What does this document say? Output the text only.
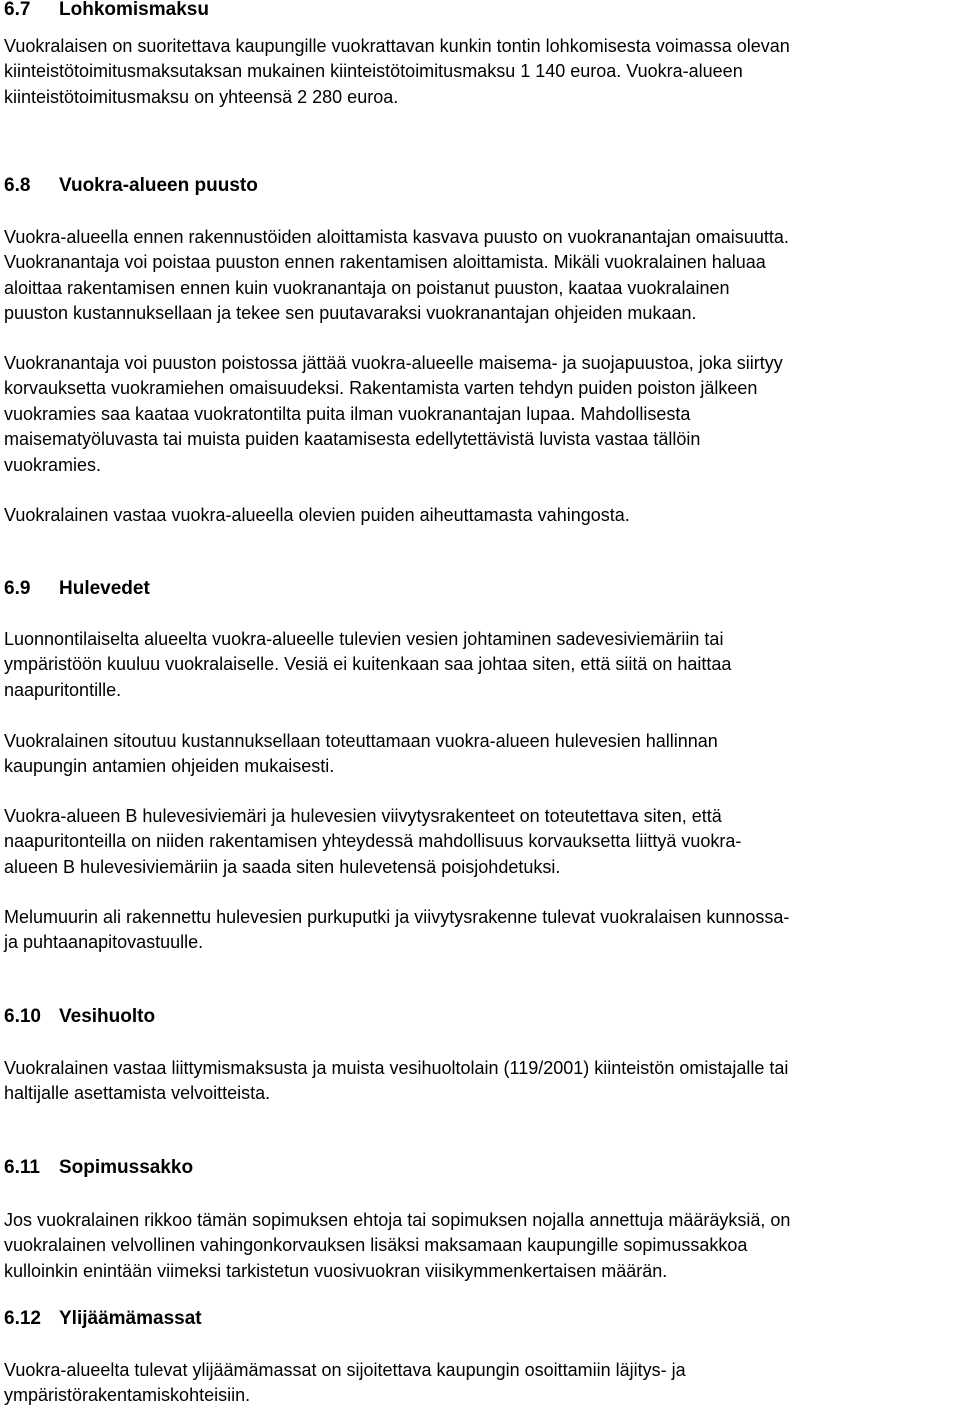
6.7 Lohkomismaksu
Vuokralaisen on suoritettava kaupungille vuokrattavan kunkin tontin lohkomisesta voimassa olevan
kiinteistötoimitusmaksutaksan mukainen kiinteistötoimitusmaksu 1 140 euroa. Vuokra-alueen
kiinteistötoimitusmaksu on yhteensä 2 280 euroa.
6.8 Vuokra-alueen puusto
Vuokra-alueella ennen rakennustöiden aloittamista kasvava puusto on vuokranantajan omaisuutta.
Vuokranantaja voi poistaa puuston ennen rakentamisen aloittamista. Mikäli vuokralainen haluaa
aloittaa rakentamisen ennen kuin vuokranantaja on poistanut puuston, kaataa vuokralainen
puuston kustannuksellaan ja tekee sen puutavaraksi vuokranantajan ohjeiden mukaan.
Vuokranantaja voi puuston poistossa jättää vuokra-alueelle maisema- ja suojapuustoa, joka siirtyy
korvauksetta vuokramiehen omaisuudeksi. Rakentamista varten tehdyn puiden poiston jälkeen
vuokramies saa kaataa vuokratontilta puita ilman vuokranantajan lupaa. Mahdollisesta
maisematyöluvasta tai muista puiden kaatamisesta edellytettävistä luvista vastaa tällöin
vuokramies.
Vuokralainen vastaa vuokra-alueella olevien puiden aiheuttamasta vahingosta.
6.9 Hulevedet
Luonnontilaiselta alueelta vuokra-alueelle tulevien vesien johtaminen sadevesiviemäriin tai
ympäristöön kuuluu vuokralaiselle. Vesiä ei kuitenkaan saa johtaa siten, että siitä on haittaa
naapuritontille.
Vuokralainen sitoutuu kustannuksellaan toteuttamaan vuokra-alueen hulevesien hallinnan
kaupungin antamien ohjeiden mukaisesti.
Vuokra-alueen B hulevesiviemäri ja hulevesien viivytysrakenteet on toteutettava siten, että
naapuritonteilla on niiden rakentamisen yhteydessä mahdollisuus korvauksetta liittyä vuokra-
alueen B hulevesiviemäriin ja saada siten hulevetensä poisjohdetuksi.
Melumuurin ali rakennettu hulevesien purkuputki ja viivytysrakenne tulevat vuokralaisen kunnossa-
ja puhtaanapitovastuulle.
6.10 Vesihuolto
Vuokralainen vastaa liittymismaksusta ja muista vesihuoltolain (119/2001) kiinteistön omistajalle tai
haltijalle asettamista velvoitteista.
6.11 Sopimussakko
Jos vuokralainen rikkoo tämän sopimuksen ehtoja tai sopimuksen nojalla annettuja määräyksiä, on
vuokralainen velvollinen vahingonkorvauksen lisäksi maksamaan kaupungille sopimussakkoa
kulloinkin enintään viimeksi tarkistetun vuosivuokran viisikymmenkertaisen määrän.
6.12 Ylijäämämassat
Vuokra-alueelta tulevat ylijäämämassat on sijoitettava kaupungin osoittamiin läjitys- ja
ympäristörakentamiskohteisiin.
